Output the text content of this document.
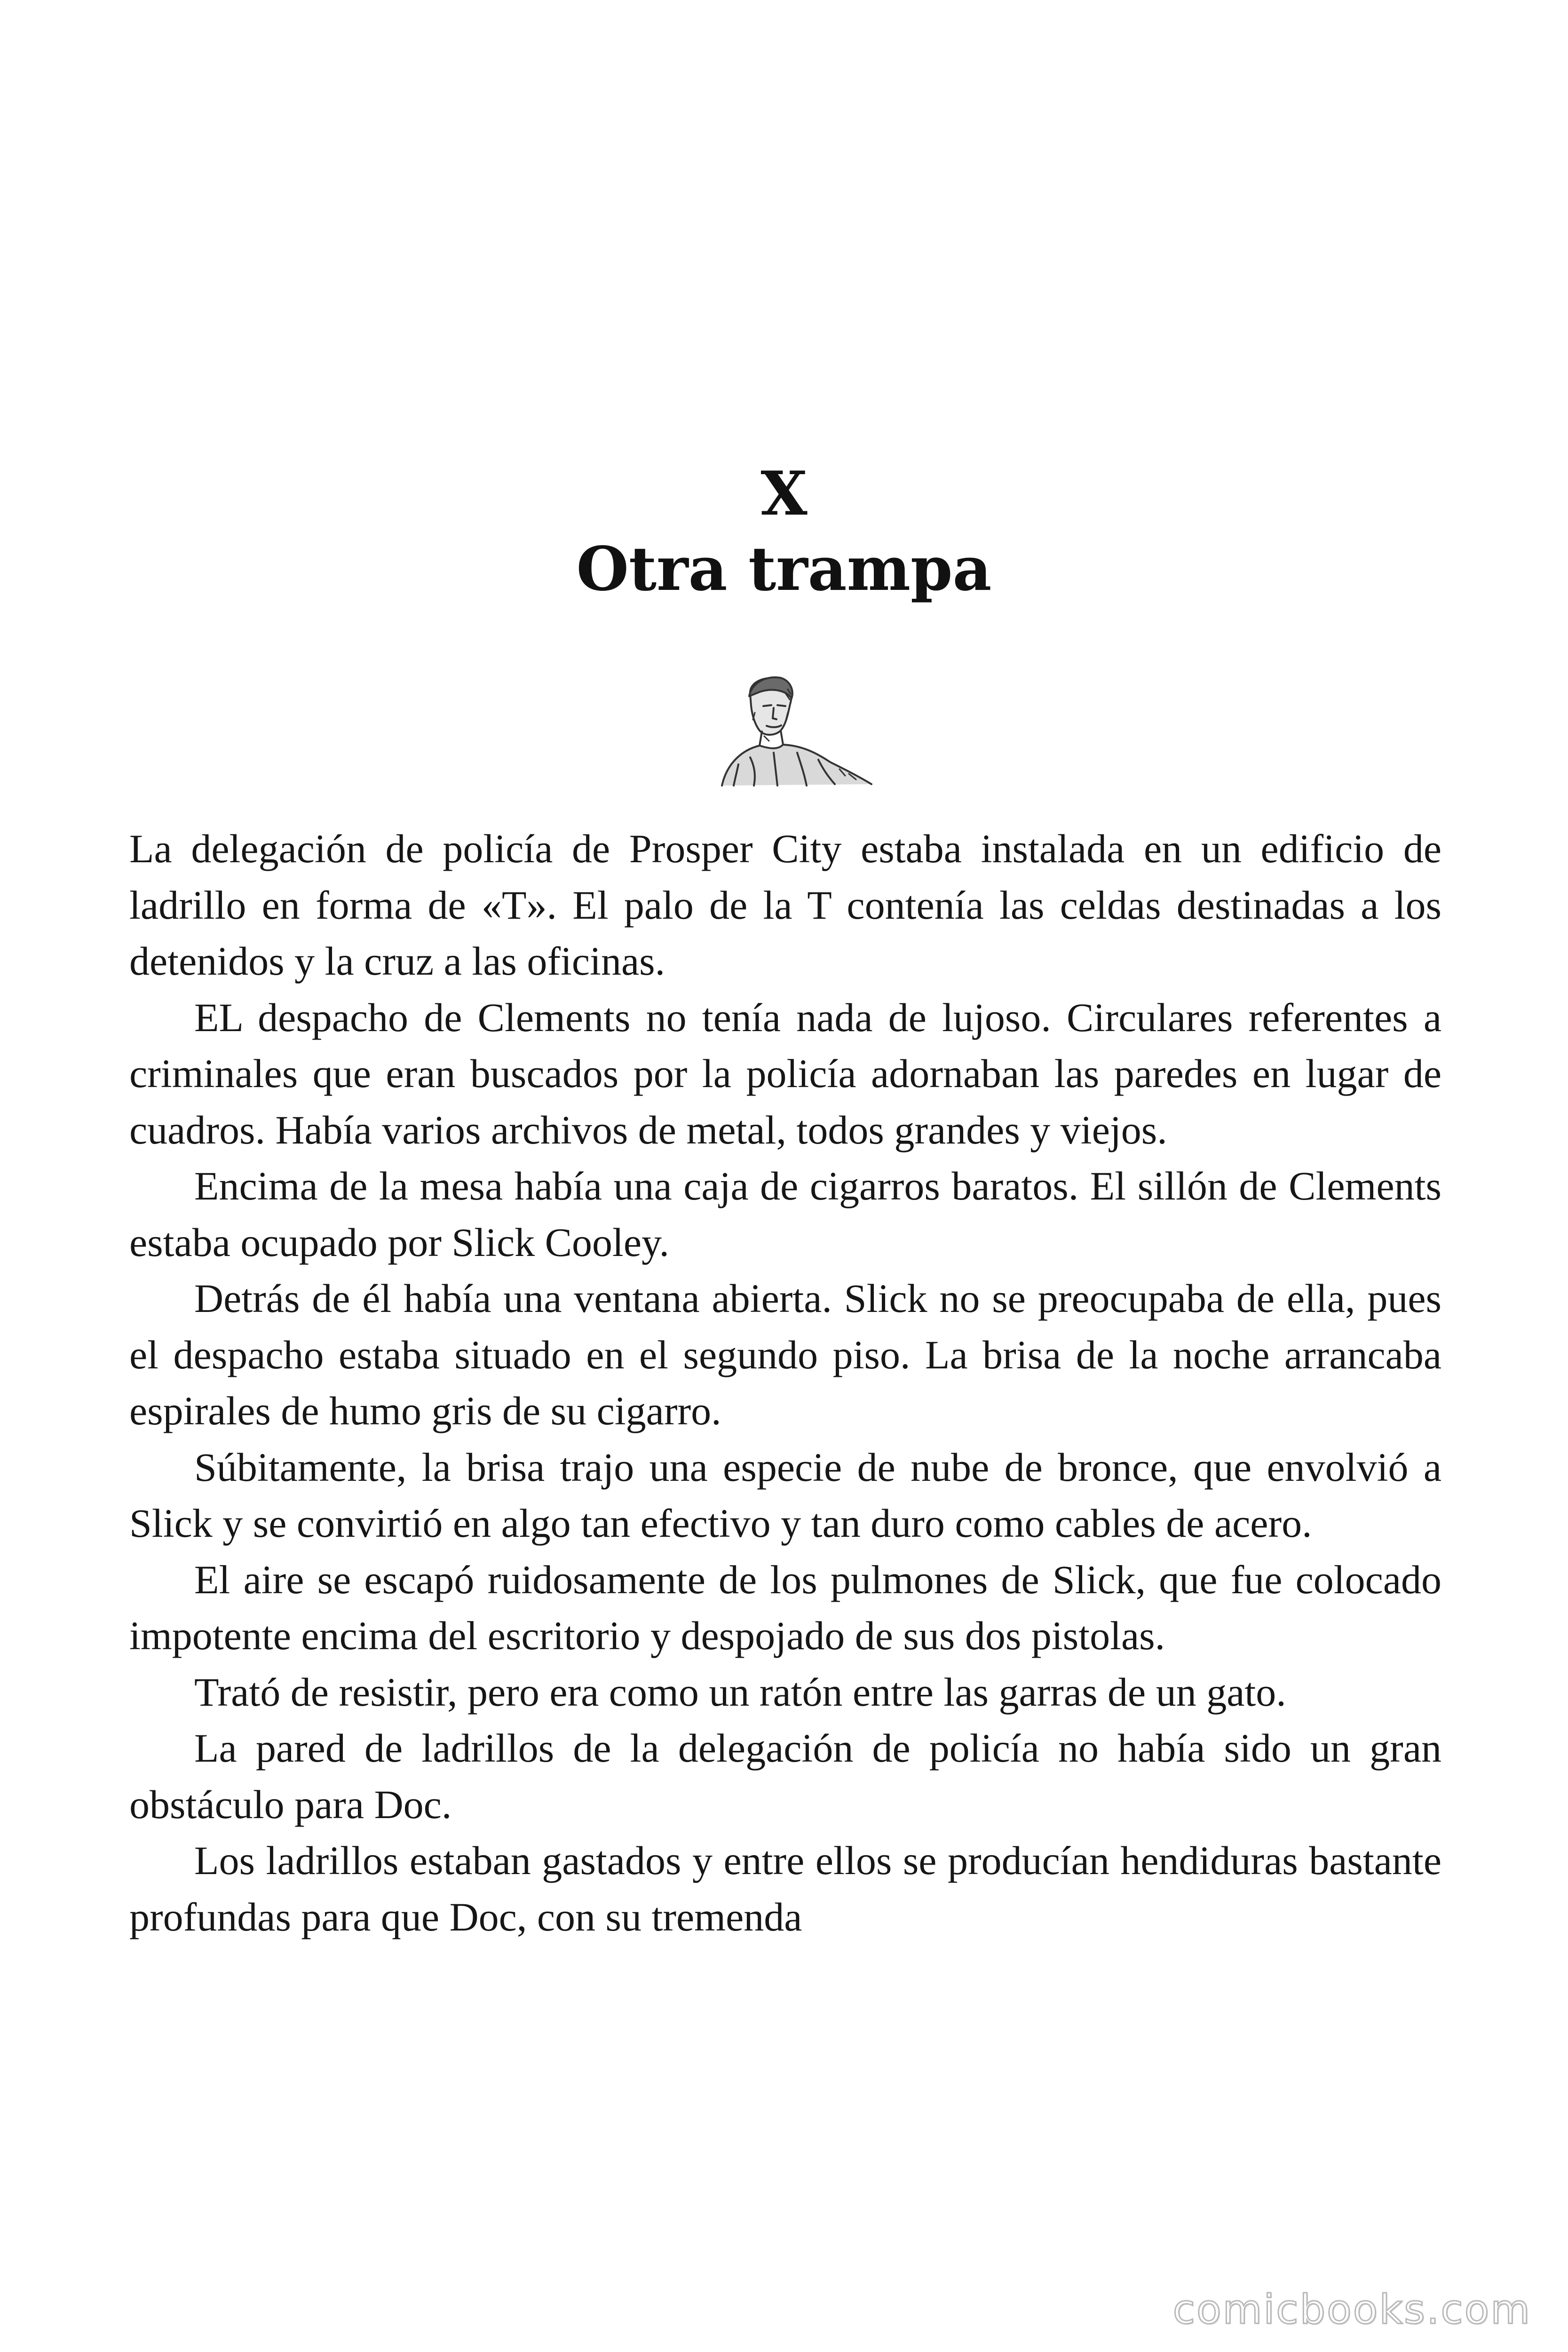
X
Otra trampa

La delegación de policía de Prosper City estaba instalada en un edificio de ladrillo en forma de «T». El palo de la T contenía las celdas destinadas a los detenidos y la cruz a las oficinas.

EL despacho de Clements no tenía nada de lujoso. Circulares referentes a criminales que eran buscados por la policía adornaban las paredes en lugar de cuadros. Había varios archivos de metal, todos grandes y viejos.

Encima de la mesa había una caja de cigarros baratos. El sillón de Clements estaba ocupado por Slick Cooley.

Detrás de él había una ventana abierta. Slick no se preocupaba de ella, pues el despacho estaba situado en el segundo piso. La brisa de la noche arrancaba espirales de humo gris de su cigarro.

Súbitamente, la brisa trajo una especie de nube de bronce, que envolvió a Slick y se convirtió en algo tan efectivo y tan duro como cables de acero.

El aire se escapó ruidosamente de los pulmones de Slick, que fue colocado impotente encima del escritorio y despojado de sus dos pistolas.

Trató de resistir, pero era como un ratón entre las garras de un gato.

La pared de ladrillos de la delegación de policía no había sido un gran obstáculo para Doc.

Los ladrillos estaban gastados y entre ellos se producían hendiduras bastante profundas para que Doc, con su tremenda

comicbooks.com
